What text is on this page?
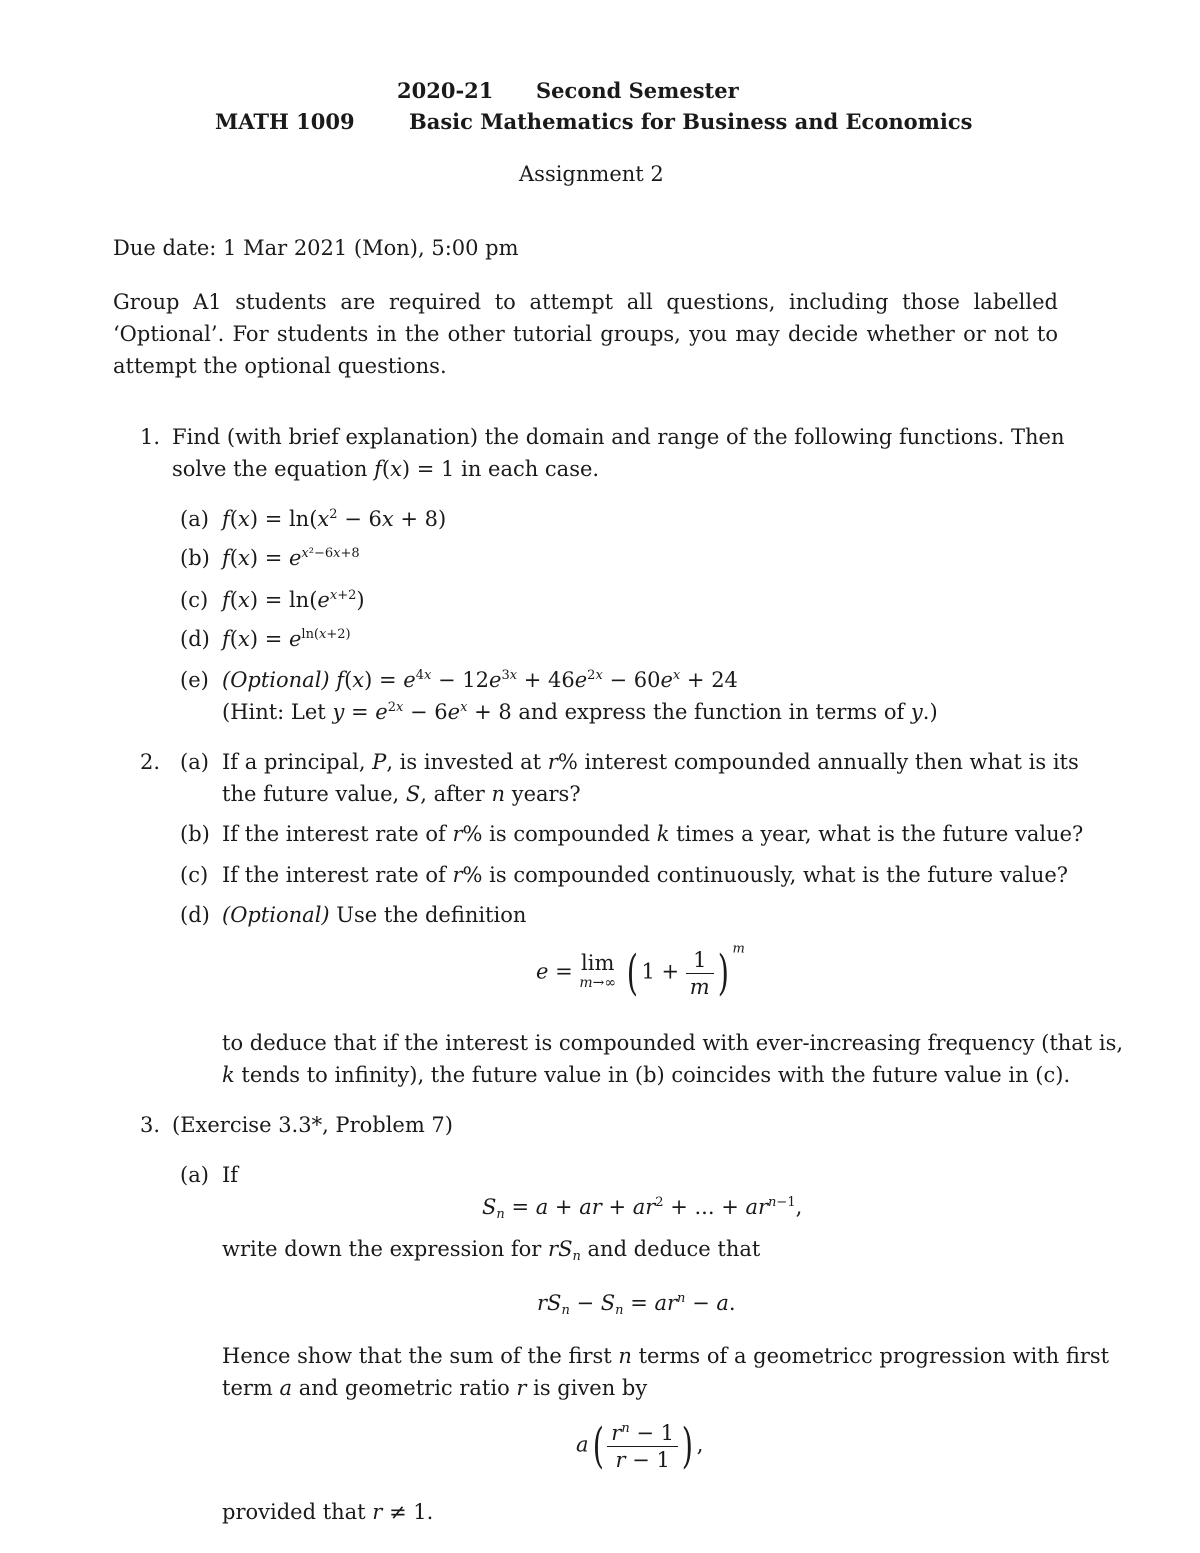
2020-21 Second Semester
MATH 1009	Basic Mathematics for Business and Economics
Assignment 2
Due date: 1 Mar 2021 (Mon), 5:00 pm
Group A1 students are required to attempt all questions, including those labelled ‘Optional’. For students in the other tutorial groups, you may decide whether or not to attempt the optional questions.
1. Find (with brief explanation) the domain and range of the following functions. Then
solve the equation f(x) = 1 in each case.
(a) $f(x) = \ln(x^2 - 6x + 8)$
(b) $f(x) = e^{x^2-6x+8}$
(c) $f(x) = \ln(e^{x+2})$
(d) $f(x) = e^{ln(x+2)}$
(e) (Optional) $f(x) = e^{4x} - 12e^{3x} + 46e^{2x} - 60e^x + 24$
(Hint: Let $y = e^{2x} - 6e^x + 8$ and express the function in terms of y.)
2. (a) If a principal, P, is invested at r% interest compounded annually then what is its
the future value, S, after n years?
(b) If the interest rate of r% is compounded k times a year, what is the future value?
(c) If the interest rate of r% is compounded continuously, what is the future value?
(d) (Optional) Use the definition
e = lim
m→∞ ( $1 + \frac{1}{m}$ ) $^m$
to deduce that if the interest is compounded with ever-increasing frequency (that is,
k tends to infinity), the future value in (b) coincides with the future value in (c).
3. (Exercise 3.3*, Problem 7)
(a) If
$S_n = a$ + ar + $ar^2$ + ... + $ar^{n-1}$,
write down the expression for $rS_n$ and deduce that
$rS_n - S_n = ar^n - a$.
Hence show that the sum of the first n terms of a geometricc progression with first
term a and geometric ratio r is given by
$a( \frac{r^n - 1}{r - 1}$ ) ,
provided that r ≠ 1.
